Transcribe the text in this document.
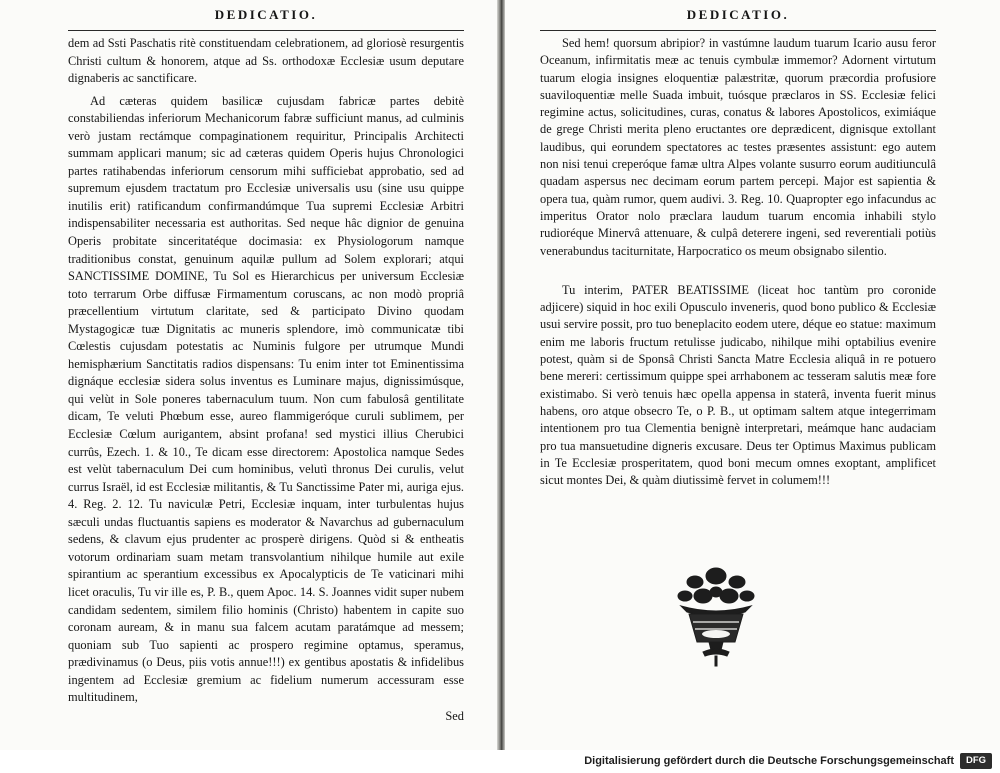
DEDICATIO.

dem ad Ssti Paschatis ritè constituendam celebrationem, ad gloriosè resurgentis Christi cultum & honorem, atque ad Ss. orthodoxæ Ecclesiæ usum deputare dignaberis ac sanctificare.

Ad cæteras quidem basilicæ cujusdam fabricæ partes debitè constabiliendas inferiorum Mechanicorum fabræ sufficiunt manus, ad culminis verò justam rectámque compaginationem requiritur, Principalis Architecti summam applicari manum; sic ad cæteras quidem Operis hujus Chronologici partes ratihabendas inferiorum censorum mihi sufficiebat approbatio, sed ad supremum ejusdem tractatum pro Ecclesiæ universalis usu (sine usu quippe inutilis erit) ratificandum confirmandúmque Tua supremi Ecclesiæ Arbitri indispensabiliter necessaria est authoritas. Sed neque hâc dignior de genuina Operis probitate sinceritatéque docimasia: ex Physiologorum namque traditionibus constat, genuinum aquilæ pullum ad Solem explorari; atqui SANCTISSIME DOMINE, Tu Sol es Hierarchicus per universum Ecclesiæ toto terrarum Orbe diffusæ Firmamentum coruscans, ac non modò propriâ præcellentium virtutum claritate, sed & participato Divino quodam Mystagogicæ tuæ Dignitatis ac muneris splendore, imò communicatæ tibi Cœlestis cujusdam potestatis ac Numinis fulgore per utrumque Mundi hemisphærium Sanctitatis radios dispensans: Tu enim inter tot Eminentissima dignáque ecclesiæ sidera solus inventus es Luminare majus, dignissimúsque, qui velùt in Sole poneres tabernaculum tuum. Non cum fabulosâ gentilitate dicam, Te veluti Phœbum esse, aureo flammigeróque curuli sublimem, per Ecclesiæ Cœlum aurigantem, absint profana! sed mystici illius Cherubici currûs, Ezech. 1. & 10., Te dicam esse directorem: Apostolica namque Sedes est velùt tabernaculum Dei cum hominibus, velutì thronus Dei curulis, velut currus Israël, id est Ecclesiæ militantis, & Tu Sanctissime Pater mi, auriga ejus. 4. Reg. 2. 12. Tu naviculæ Petri, Ecclesiæ inquam, inter turbulentas hujus sæculi undas fluctuantis sapiens es moderator & Navarchus ad gubernaculum sedens, & clavum ejus prudenter ac prosperè dirigens. Quòd si & entheatis votorum ordinariam suam metam transvolantium nihilque humile aut exile spirantium ac sperantium excessibus ex Apocalypticis de Te vaticinari mihi licet oraculis, Tu vir ille es, P. B., quem Apoc. 14. S. Joannes vidit super nubem candidam sedentem, similem filio hominis (Christo) habentem in capite suo coronam auream, & in manu sua falcem acutam paratámque ad messem; quoniam sub Tuo sapienti ac prospero regimine optamus, speramus, prædivinamus (o Deus, piis votis annue!!!) ex gentibus apostatis & infidelibus ingentem ad Ecclesiæ gremium ac fidelium numerum accessuram esse multitudinem,

Sed
DEDICATIO.

Sed hem! quorsum abripior? in vastúmne laudum tuarum Icario ausu feror Oceanum, infirmitatis meæ ac tenuis cymbulæ immemor? Adornent virtutum tuarum elogia insignes eloquentiæ palæstritæ, quorum præcordia profusiore suaviloquentiæ melle Suada imbuit, tuósque præclaros in SS. Ecclesiæ felici regimine actus, solicitudines, curas, conatus & labores Apostolicos, eximiáque de grege Christi merita pleno eructantes ore deprædicent, dignisque extollant laudibus, qui eorundem spectatores ac testes præsentes assistunt: ego autem non nisi tenui creperóque famæ ultra Alpes volante susurro eorum auditiunculâ quadam aspersus nec decimam eorum partem percepi. Major est sapientia & opera tua, quàm rumor, quem audivi. 3. Reg. 10. Quapropter ego infacundus ac imperitus Orator nolo præclara laudum tuarum encomia inhabili stylo rudioréque Minervâ attenuare, & culpâ deterere ingeni, sed reverentiali potiùs venerabundus taciturnitate, Harpocratico os meum obsignabo silentio.

Tu interim, PATER BEATISSIME (liceat hoc tantùm pro coronide adjicere) siquid in hoc exili Opusculo inveneris, quod bono publico & Ecclesiæ usui servire possit, pro tuo beneplacito eodem utere, déque eo statue: maximum enim me laboris fructum retulisse judicabo, nihilque mihi optabilius evenire potest, quàm si de Sponsâ Christi Sancta Matre Ecclesia aliquâ in re potuero bene mereri: certissimum quippe spei arrhabonem ac tesseram salutis meæ fore existimabo. Si verò tenuis hæc opella appensa in staterâ, inventa fuerit minus habens, oro atque obsecro Te, o P. B., ut optimam saltem atque integerrimam intentionem pro tua Clementia benignè interpretari, meámque hanc audaciam pro tua mansuetudine digneris excusare. Deus ter Optimus Maximus publicam in Te Ecclesiæ prosperitatem, quod boni mecum omnes exoptant, amplificet sicut montes Dei, & quàm diutissimè fervet in columem!!!

Digitalisierung gefördert durch die Deutsche Forschungsgemeinschaft	DFG
